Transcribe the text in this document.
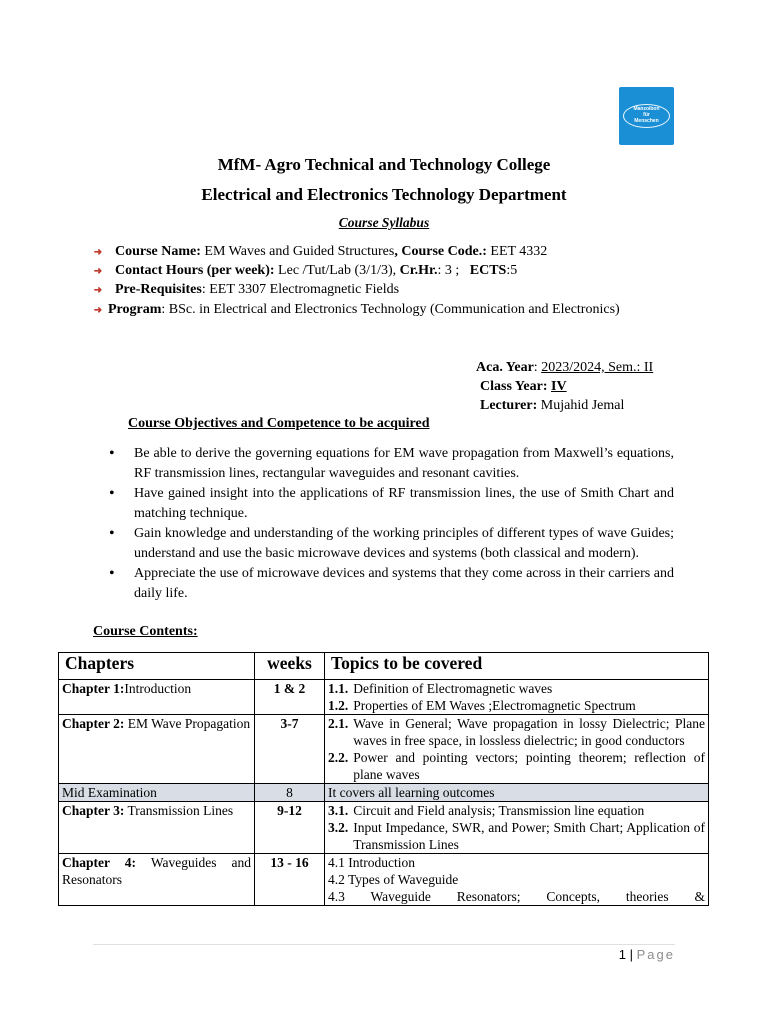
Manzoibon
für
Menschen
MfM- Agro Technical and Technology College
Electrical and Electronics Technology Department
Course Syllabus
➜ Course Name: EM Waves and Guided Structures, Course Code.: EET 4332
➜ Contact Hours (per week): Lec /Tut/Lab (3/1/3), Cr.Hr.: 3 ; ECTS:5
➜ Pre-Requisites: EET 3307 Electromagnetic Fields
➜ Program: BSc. in Electrical and Electronics Technology (Communication and Electronics)
Aca. Year: 2023/2024, Sem.: II
Class Year: IV
Lecturer: Mujahid Jemal
Course Objectives and Competence to be acquired
• Be able to derive the governing equations for EM wave propagation from Maxwell’s equations, RF transmission lines, rectangular waveguides and resonant cavities.
• Have gained insight into the applications of RF transmission lines, the use of Smith Chart and matching technique.
• Gain knowledge and understanding of the working principles of different types of wave Guides; understand and use the basic microwave devices and systems (both classical and modern).
• Appreciate the use of microwave devices and systems that they come across in their carriers and daily life.
Course Contents:
Chapters	weeks	Topics to be covered
Chapter 1:Introduction	1 & 2	1.1. Definition of Electromagnetic waves
1.2. Properties of EM Waves ;Electromagnetic Spectrum

Chapter 2: EM Wave Propagation	3-7	2.1. Wave in General; Wave propagation in lossy Dielectric; Plane waves in free space, in lossless dielectric; in good conductors
2.2. Power and pointing vectors; pointing theorem; reflection of plane waves

Mid Examination	8	It covers all learning outcomes
Chapter 3: Transmission Lines	9-12	3.1. Circuit and Field analysis; Transmission line equation
3.2. Input Impedance, SWR, and Power; Smith Chart; Application of Transmission Lines

Chapter 4: Waveguides and Resonators	13 - 16	4.1 Introduction
4.2 Types of Waveguide
4.3 Waveguide Resonators; Concepts, theories &
1 | Page
